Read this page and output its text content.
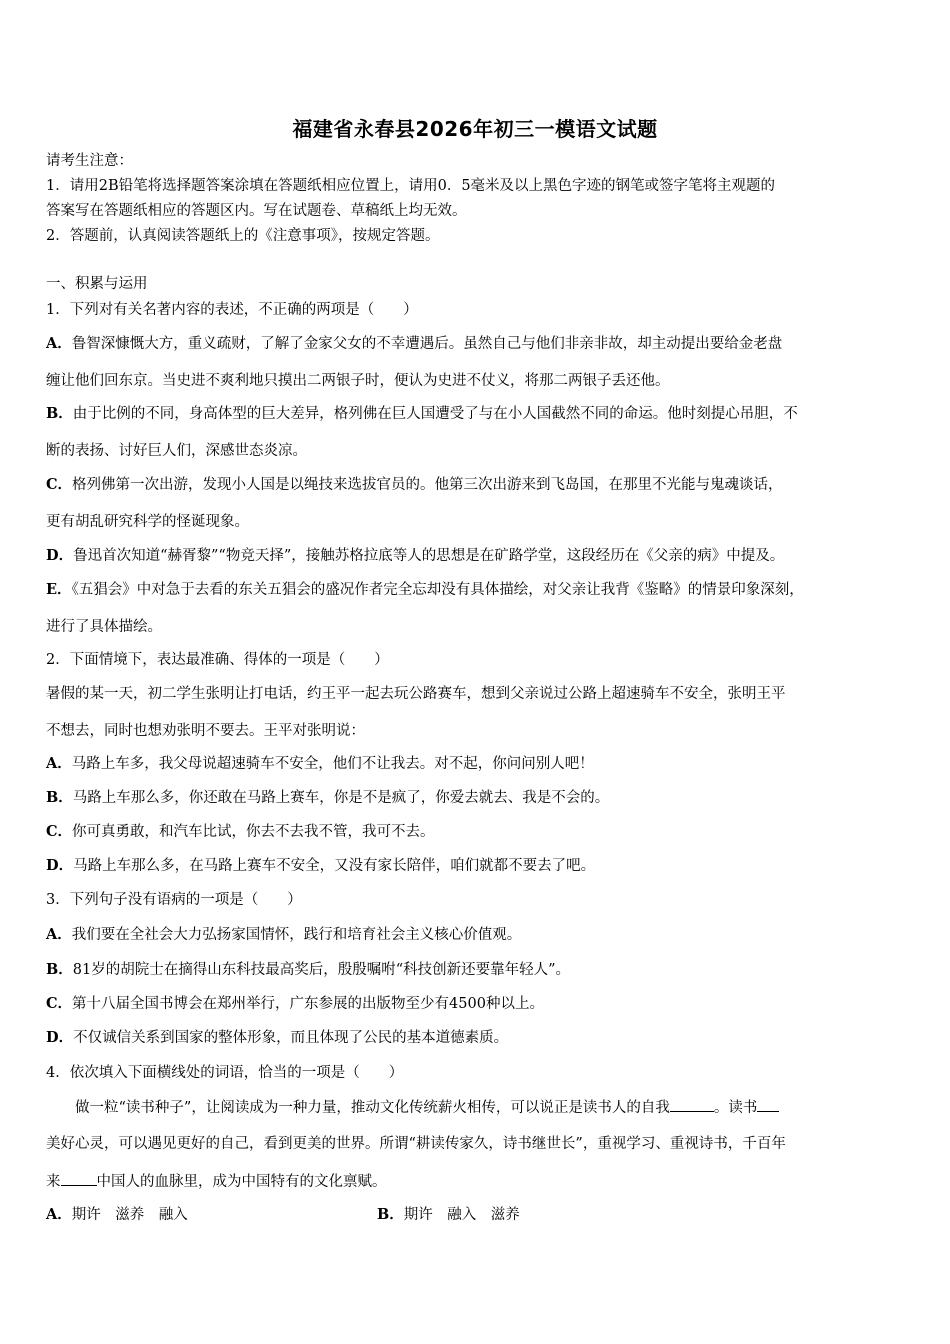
福建省永春县2026年初三一模语文试题
请考生注意：
1．请用2B铅笔将选择题答案涂填在答题纸相应位置上，请用0．5毫米及以上黑色字迹的钢笔或签字笔将主观题的
答案写在答题纸相应的答题区内。写在试题卷、草稿纸上均无效。
2．答题前，认真阅读答题纸上的《注意事项》，按规定答题。
一、积累与运用
1．下列对有关名著内容的表述，不正确的两项是（　　）
A．鲁智深慷慨大方，重义疏财，了解了金家父女的不幸遭遇后。虽然自己与他们非亲非故，却主动提出要给金老盘
缠让他们回东京。当史进不爽利地只摸出二两银子时，便认为史进不仗义，将那二两银子丢还他。
B．由于比例的不同，身高体型的巨大差异，格列佛在巨人国遭受了与在小人国截然不同的命运。他时刻提心吊胆，不
断的表扬、讨好巨人们，深感世态炎凉。
C．格列佛第一次出游，发现小人国是以绳技来选拔官员的。他第三次出游来到飞岛国，在那里不光能与鬼魂谈话，
更有胡乱研究科学的怪诞现象。
D．鲁迅首次知道“赫胥黎”“物竞天择”，接触苏格拉底等人的思想是在矿路学堂，这段经历在《父亲的病》中提及。
E．《五猖会》中对急于去看的东关五猖会的盛况作者完全忘却没有具体描绘，对父亲让我背《鉴略》的情景印象深刻，
进行了具体描绘。
2．下面情境下，表达最准确、得体的一项是（　　）
暑假的某一天，初二学生张明让打电话，约王平一起去玩公路赛车，想到父亲说过公路上超速骑车不安全，张明王平
不想去，同时也想劝张明不要去。王平对张明说：
A．马路上车多，我父母说超速骑车不安全，他们不让我去。对不起，你问问别人吧！
B．马路上车那么多，你还敢在马路上赛车，你是不是疯了，你爱去就去、我是不会的。
C．你可真勇敢，和汽车比试，你去不去我不管，我可不去。
D．马路上车那么多，在马路上赛车不安全，又没有家长陪伴，咱们就都不要去了吧。
3．下列句子没有语病的一项是（　　）
A．我们要在全社会大力弘扬家国情怀，践行和培育社会主义核心价值观。
B．81岁的胡院士在摘得山东科技最高奖后，殷殷嘱咐“科技创新还要靠年轻人”。
C．第十八届全国书博会在郑州举行，广东参展的出版物至少有4500种以上。
D．不仅诚信关系到国家的整体形象，而且体现了公民的基本道德素质。
4．依次填入下面横线处的词语，恰当的一项是（　　）
　　做一粒“读书种子”，让阅读成为一种力量，推动文化传统薪火相传，可以说正是读书人的自我	。读书
美好心灵，可以遇见更好的自己，看到更美的世界。所谓“耕读传家久，诗书继世长”，重视学习、重视诗书，千百年
来 中国人的血脉里，成为中国特有的文化禀赋。
A．期许　滋养　融入	B．期许　融入　滋养
